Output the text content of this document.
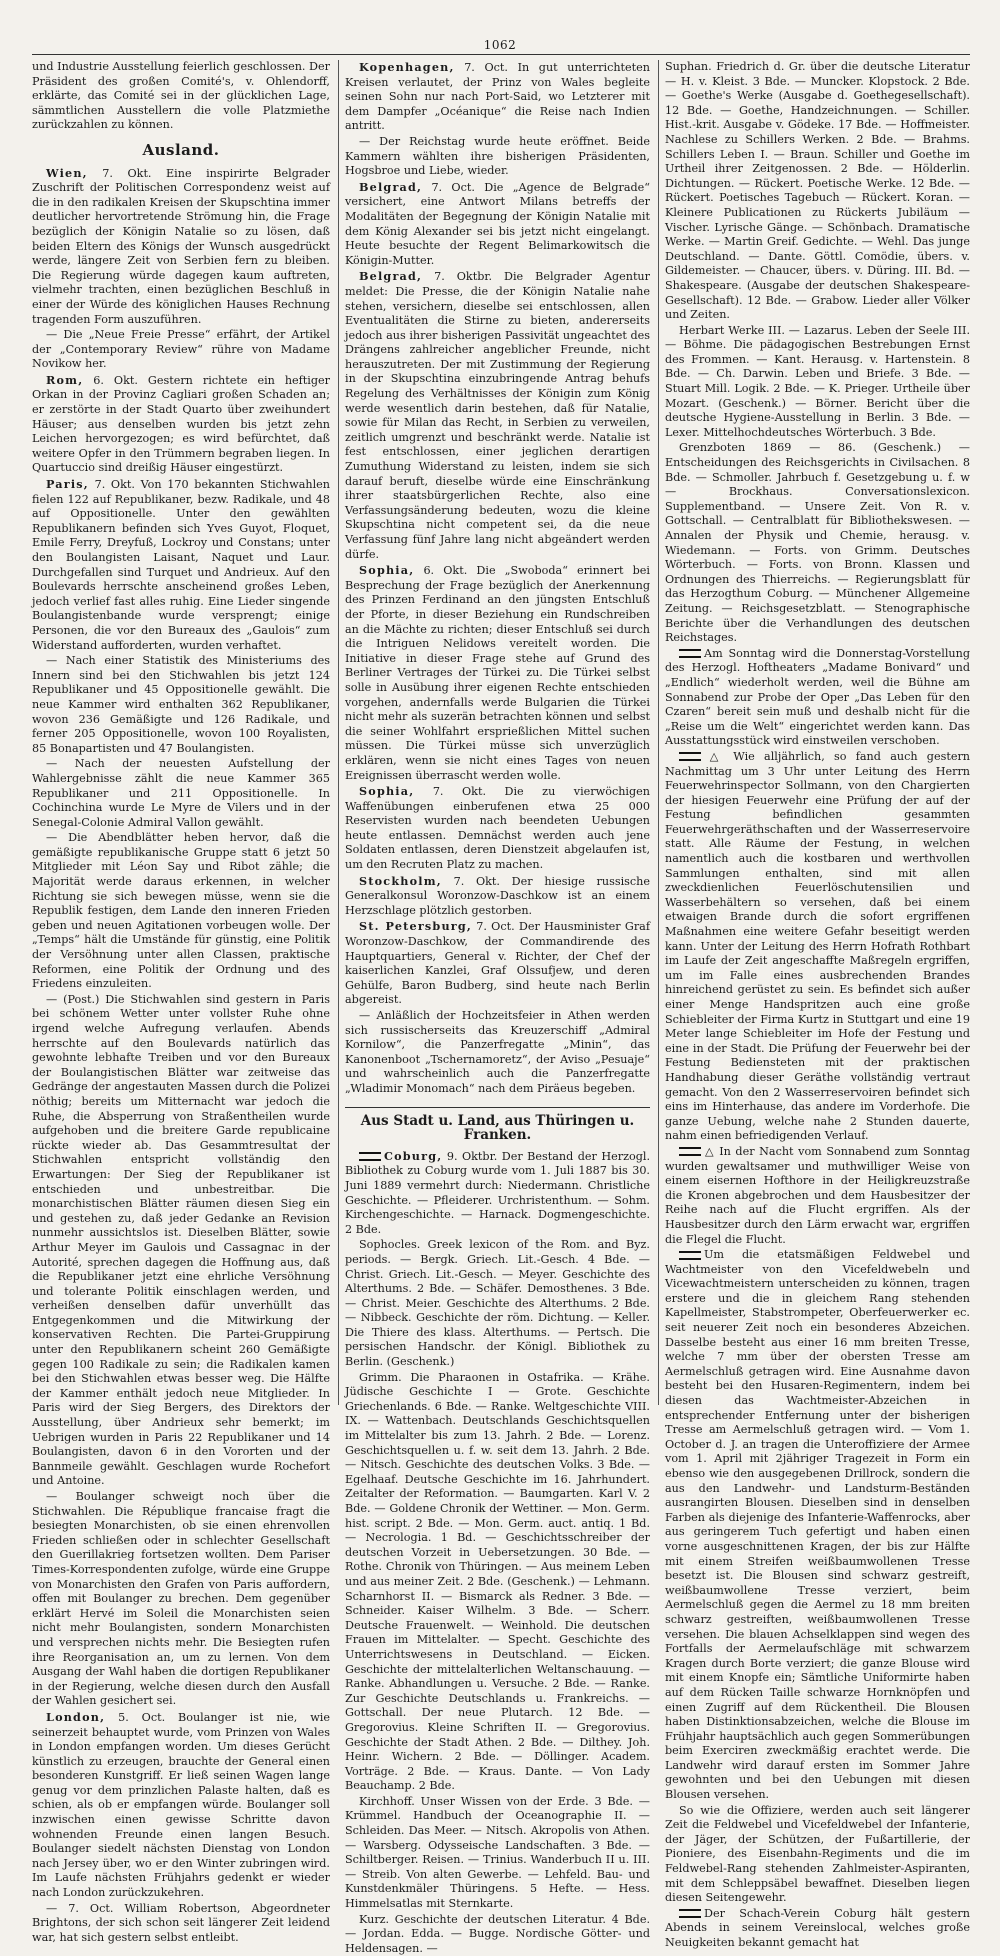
1062

und Industrie Ausstellung feierlich geschlossen. Der Präsident des großen Comité's, v. Ohlendorff, erklärte, das Comité sei in der glücklichen Lage, sämmtlichen Ausstellern die volle Platzmiethe zurückzahlen zu können.

Ausland.

Wien, 7. Okt. Eine inspirirte Belgrader Zuschrift der Politischen Correspondenz weist auf die in den radikalen Kreisen der Skupschtina immer deutlicher hervortretende Strömung hin, die Frage bezüglich der Königin Natalie so zu lösen, daß beiden Eltern des Königs der Wunsch ausgedrückt werde, längere Zeit von Serbien fern zu bleiben. Die Regierung würde dagegen kaum auftreten, vielmehr trachten, einen bezüglichen Beschluß in einer der Würde des königlichen Hauses Rechnung tragenden Form auszuführen.

— Die „Neue Freie Presse“ erfährt, der Artikel der „Contemporary Review“ rühre von Madame Novikow her.

Rom, 6. Okt. Gestern richtete ein heftiger Orkan in der Provinz Cagliari großen Schaden an; er zerstörte in der Stadt Quarto über zweihundert Häuser; aus denselben wurden bis jetzt zehn Leichen hervorgezogen; es wird befürchtet, daß weitere Opfer in den Trümmern begraben liegen. In Quartuccio sind dreißig Häuser eingestürzt.

Paris, 7. Okt. Von 170 bekannten Stichwahlen fielen 122 auf Republikaner, bezw. Radikale, und 48 auf Oppositionelle. Unter den gewählten Republikanern befinden sich Yves Guyot, Floquet, Emile Ferry, Dreyfuß, Lockroy und Constans; unter den Boulangisten Laisant, Naquet und Laur. Durchgefallen sind Turquet und Andrieux. Auf den Boulevards herrschte anscheinend großes Leben, jedoch verlief fast alles ruhig. Eine Lieder singende Boulangistenbande wurde versprengt; einige Personen, die vor den Bureaux des „Gaulois“ zum Widerstand aufforderten, wurden verhaftet.

— Nach einer Statistik des Ministeriums des Innern sind bei den Stichwahlen bis jetzt 124 Republikaner und 45 Oppositionelle gewählt. Die neue Kammer wird enthalten 362 Republikaner, wovon 236 Gemäßigte und 126 Radikale, und ferner 205 Oppositionelle, wovon 100 Royalisten, 85 Bonapartisten und 47 Boulangisten.

— Nach der neuesten Aufstellung der Wahlergebnisse zählt die neue Kammer 365 Republikaner und 211 Oppositionelle. In Cochinchina wurde Le Myre de Vilers und in der Senegal-Colonie Admiral Vallon gewählt.

— Die Abendblätter heben hervor, daß die gemäßigte republikanische Gruppe statt 6 jetzt 50 Mitglieder mit Léon Say und Ribot zähle; die Majorität werde daraus erkennen, in welcher Richtung sie sich bewegen müsse, wenn sie die Republik festigen, dem Lande den inneren Frieden geben und neuen Agitationen vorbeugen wolle. Der „Temps“ hält die Umstände für günstig, eine Politik der Versöhnung unter allen Classen, praktische Reformen, eine Politik der Ordnung und des Friedens einzuleiten.

— (Post.) Die Stichwahlen sind gestern in Paris bei schönem Wetter unter vollster Ruhe ohne irgend welche Aufregung verlaufen. Abends herrschte auf den Boulevards natürlich das gewohnte lebhafte Treiben und vor den Bureaux der Boulangistischen Blätter war zeitweise das Gedränge der angestauten Massen durch die Polizei nöthig; bereits um Mitternacht war jedoch die Ruhe, die Absperrung von Straßentheilen wurde aufgehoben und die breitere Garde republicaine rückte wieder ab. Das Gesammtresultat der Stichwahlen entspricht vollständig den Erwartungen: Der Sieg der Republikaner ist entschieden und unbestreitbar. Die monarchistischen Blätter räumen diesen Sieg ein und gestehen zu, daß jeder Gedanke an Revision nunmehr aussichtslos ist. Dieselben Blätter, sowie Arthur Meyer im Gaulois und Cassagnac in der Autorité, sprechen dagegen die Hoffnung aus, daß die Republikaner jetzt eine ehrliche Versöhnung und tolerante Politik einschlagen werden, und verheißen denselben dafür unverhüllt das Entgegenkommen und die Mitwirkung der konservativen Rechten. Die Partei-Gruppirung unter den Republikanern scheint 260 Gemäßigte gegen 100 Radikale zu sein; die Radikalen kamen bei den Stichwahlen etwas besser weg. Die Hälfte der Kammer enthält jedoch neue Mitglieder. In Paris wird der Sieg Bergers, des Direktors der Ausstellung, über Andrieux sehr bemerkt; im Uebrigen wurden in Paris 22 Republikaner und 14 Boulangisten, davon 6 in den Vororten und der Bannmeile gewählt. Geschlagen wurde Rochefort und Antoine.

— Boulanger schweigt noch über die Stichwahlen. Die République francaise fragt die besiegten Monarchisten, ob sie einen ehrenvollen Frieden schließen oder in schlechter Gesellschaft den Guerillakrieg fortsetzen wollten. Dem Pariser Times-Korrespondenten zufolge, würde eine Gruppe von Monarchisten den Grafen von Paris auffordern, offen mit Boulanger zu brechen. Dem gegenüber erklärt Hervé im Soleil die Monarchisten seien nicht mehr Boulangisten, sondern Monarchisten und versprechen nichts mehr. Die Besiegten rufen ihre Reorganisation an, um zu lernen. Von dem Ausgang der Wahl haben die dortigen Republikaner in der Regierung, welche diesen durch den Ausfall der Wahlen gesichert sei.

London, 5. Oct. Boulanger ist nie, wie seinerzeit behauptet wurde, vom Prinzen von Wales in London empfangen worden. Um dieses Gerücht künstlich zu erzeugen, brauchte der General einen besonderen Kunstgriff. Er ließ seinen Wagen lange genug vor dem prinzlichen Palaste halten, daß es schien, als ob er empfangen würde. Boulanger soll inzwischen einen gewisse Schritte davon wohnenden Freunde einen langen Besuch. Boulanger siedelt nächsten Dienstag von London nach Jersey über, wo er den Winter zubringen wird. Im Laufe nächsten Frühjahrs gedenkt er wieder nach London zurückzukehren.

— 7. Oct. William Robertson, Abgeordneter Brightons, der sich schon seit längerer Zeit leidend war, hat sich gestern selbst entleibt.

Kopenhagen, 7. Oct. In gut unterrichteten Kreisen verlautet, der Prinz von Wales begleite seinen Sohn nur nach Port-Said, wo Letzterer mit dem Dampfer „Océanique“ die Reise nach Indien antritt.

— Der Reichstag wurde heute eröffnet. Beide Kammern wählten ihre bisherigen Präsidenten, Hogsbroe und Liebe, wieder.

Belgrad, 7. Oct. Die „Agence de Belgrade“ versichert, eine Antwort Milans betreffs der Modalitäten der Begegnung der Königin Natalie mit dem König Alexander sei bis jetzt nicht eingelangt. Heute besuchte der Regent Belimarkowitsch die Königin-Mutter.

Belgrad, 7. Oktbr. Die Belgrader Agentur meldet: Die Presse, die der Königin Natalie nahe stehen, versichern, dieselbe sei entschlossen, allen Eventualitäten die Stirne zu bieten, andererseits jedoch aus ihrer bisherigen Passivität ungeachtet des Drängens zahlreicher angeblicher Freunde, nicht herauszutreten. Der mit Zustimmung der Regierung in der Skupschtina einzubringende Antrag behufs Regelung des Verhältnisses der Königin zum König werde wesentlich darin bestehen, daß für Natalie, sowie für Milan das Recht, in Serbien zu verweilen, zeitlich umgrenzt und beschränkt werde. Natalie ist fest entschlossen, einer jeglichen derartigen Zumuthung Widerstand zu leisten, indem sie sich darauf beruft, dieselbe würde eine Einschränkung ihrer staatsbürgerlichen Rechte, also eine Verfassungsänderung bedeuten, wozu die kleine Skupschtina nicht competent sei, da die neue Verfassung fünf Jahre lang nicht abgeändert werden dürfe.

Sophia, 6. Okt. Die „Swoboda“ erinnert bei Besprechung der Frage bezüglich der Anerkennung des Prinzen Ferdinand an den jüngsten Entschluß der Pforte, in dieser Beziehung ein Rundschreiben an die Mächte zu richten; dieser Entschluß sei durch die Intriguen Nelidows vereitelt worden. Die Initiative in dieser Frage stehe auf Grund des Berliner Vertrages der Türkei zu. Die Türkei selbst solle in Ausübung ihrer eigenen Rechte entschieden vorgehen, andernfalls werde Bulgarien die Türkei nicht mehr als suzerän betrachten können und selbst die seiner Wohlfahrt ersprießlichen Mittel suchen müssen. Die Türkei müsse sich unverzüglich erklären, wenn sie nicht eines Tages von neuen Ereignissen überrascht werden wolle.

Sophia, 7. Okt. Die zu vierwöchigen Waffenübungen einberufenen etwa 25 000 Reservisten wurden nach beendeten Uebungen heute entlassen. Demnächst werden auch jene Soldaten entlassen, deren Dienstzeit abgelaufen ist, um den Recruten Platz zu machen.

Stockholm, 7. Okt. Der hiesige russische Generalkonsul Woronzow-Daschkow ist an einem Herzschlage plötzlich gestorben.

St. Petersburg, 7. Oct. Der Hausminister Graf Woronzow-Daschkow, der Commandirende des Hauptquartiers, General v. Richter, der Chef der kaiserlichen Kanzlei, Graf Olssufjew, und deren Gehülfe, Baron Budberg, sind heute nach Berlin abgereist.

— Anläßlich der Hochzeitsfeier in Athen werden sich russischerseits das Kreuzerschiff „Admiral Kornilow“, die Panzerfregatte „Minin“, das Kanonenboot „Tschernamoretz“, der Aviso „Pesuaje“ und wahrscheinlich auch die Panzerfregatte „Wladimir Monomach“ nach dem Piräeus begeben.

Aus Stadt u. Land, aus Thüringen u. Franken.

Coburg, 9. Oktbr. Der Bestand der Herzogl. Bibliothek zu Coburg wurde vom 1. Juli 1887 bis 30. Juni 1889 vermehrt durch: Niedermann. Christliche Geschichte. — Pfleiderer. Urchristenthum. — Sohm. Kirchengeschichte. — Harnack. Dogmengeschichte. 2 Bde.

Sophocles. Greek lexicon of the Rom. and Byz. periods. — Bergk. Griech. Lit.-Gesch. 4 Bde. — Christ. Griech. Lit.-Gesch. — Meyer. Geschichte des Alterthums. 2 Bde. — Schäfer. Demosthenes. 3 Bde. — Christ. Meier. Geschichte des Alterthums. 2 Bde. — Nibbeck. Geschichte der röm. Dichtung. — Keller. Die Thiere des klass. Alterthums. — Pertsch. Die persischen Handschr. der Königl. Bibliothek zu Berlin. (Geschenk.)

Grimm. Die Pharaonen in Ostafrika. — Krähe. Jüdische Geschichte I — Grote. Geschichte Griechenlands. 6 Bde. — Ranke. Weltgeschichte VIII. IX. — Wattenbach. Deutschlands Geschichtsquellen im Mittelalter bis zum 13. Jahrh. 2 Bde. — Lorenz. Geschichtsquellen u. f. w. seit dem 13. Jahrh. 2 Bde. — Nitsch. Geschichte des deutschen Volks. 3 Bde. — Egelhaaf. Deutsche Geschichte im 16. Jahrhundert. Zeitalter der Reformation. — Baumgarten. Karl V. 2 Bde. — Goldene Chronik der Wettiner. — Mon. Germ. hist. script. 2 Bde. — Mon. Germ. auct. antiq. 1 Bd. — Necrologia. 1 Bd. — Geschichtsschreiber der deutschen Vorzeit in Uebersetzungen. 30 Bde. — Rothe. Chronik von Thüringen. — Aus meinem Leben und aus meiner Zeit. 2 Bde. (Geschenk.) — Lehmann. Scharnhorst II. — Bismarck als Redner. 3 Bde. — Schneider. Kaiser Wilhelm. 3 Bde. — Scherr. Deutsche Frauenwelt. — Weinhold. Die deutschen Frauen im Mittelalter. — Specht. Geschichte des Unterrichtswesens in Deutschland. — Eicken. Geschichte der mittelalterlichen Weltanschauung. — Ranke. Abhandlungen u. Versuche. 2 Bde. — Ranke. Zur Geschichte Deutschlands u. Frankreichs. — Gottschall. Der neue Plutarch. 12 Bde. — Gregorovius. Kleine Schriften II. — Gregorovius. Geschichte der Stadt Athen. 2 Bde. — Dilthey. Joh. Heinr. Wichern. 2 Bde. — Döllinger. Academ. Vorträge. 2 Bde. — Kraus. Dante. — Von Lady Beauchamp. 2 Bde.

Kirchhoff. Unser Wissen von der Erde. 3 Bde. — Krümmel. Handbuch der Oceanographie II. — Schleiden. Das Meer. — Nitsch. Akropolis von Athen. — Warsberg. Odysseische Landschaften. 3 Bde. — Schiltberger. Reisen. — Trinius. Wanderbuch II u. III. — Streib. Von alten Gewerbe. — Lehfeld. Bau- und Kunstdenkmäler Thüringens. 5 Hefte. — Hess. Himmelsatlas mit Sternkarte.

Kurz. Geschichte der deutschen Literatur. 4 Bde. — Jordan. Edda. — Bugge. Nordische Götter- und Heldensagen. —

Suphan. Friedrich d. Gr. über die deutsche Literatur — H. v. Kleist. 3 Bde. — Muncker. Klopstock. 2 Bde. — Goethe's Werke (Ausgabe d. Goethegesellschaft). 12 Bde. — Goethe, Handzeichnungen. — Schiller. Hist.-krit. Ausgabe v. Gödeke. 17 Bde. — Hoffmeister. Nachlese zu Schillers Werken. 2 Bde. — Brahms. Schillers Leben I. — Braun. Schiller und Goethe im Urtheil ihrer Zeitgenossen. 2 Bde. — Hölderlin. Dichtungen. — Rückert. Poetische Werke. 12 Bde. — Rückert. Poetisches Tagebuch — Rückert. Koran. — Kleinere Publicationen zu Rückerts Jubiläum — Vischer. Lyrische Gänge. — Schönbach. Dramatische Werke. — Martin Greif. Gedichte. — Wehl. Das junge Deutschland. — Dante. Göttl. Comödie, übers. v. Gildemeister. — Chaucer, übers. v. Düring. III. Bd. — Shakespeare. (Ausgabe der deutschen Shakespeare-Gesellschaft). 12 Bde. — Grabow. Lieder aller Völker und Zeiten.

Herbart Werke III. — Lazarus. Leben der Seele III. — Böhme. Die pädagogischen Bestrebungen Ernst des Frommen. — Kant. Herausg. v. Hartenstein. 8 Bde. — Ch. Darwin. Leben und Briefe. 3 Bde. — Stuart Mill. Logik. 2 Bde. — K. Prieger. Urtheile über Mozart. (Geschenk.) — Börner. Bericht über die deutsche Hygiene-Ausstellung in Berlin. 3 Bde. — Lexer. Mittelhochdeutsches Wörterbuch. 3 Bde.

Grenzboten 1869 — 86. (Geschenk.) — Entscheidungen des Reichsgerichts in Civilsachen. 8 Bde. — Schmoller. Jahrbuch f. Gesetzgebung u. f. w — Brockhaus. Conversationslexicon. Supplementband. — Unsere Zeit. Von R. v. Gottschall. — Centralblatt für Bibliothekswesen. — Annalen der Physik und Chemie, herausg. v. Wiedemann. — Forts. von Grimm. Deutsches Wörterbuch. — Forts. von Bronn. Klassen und Ordnungen des Thierreichs. — Regierungsblatt für das Herzogthum Coburg. — Münchener Allgemeine Zeitung. — Reichsgesetzblatt. — Stenographische Berichte über die Verhandlungen des deutschen Reichstages.

Am Sonntag wird die Donnerstag-Vorstellung des Herzogl. Hoftheaters „Madame Bonivard“ und „Endlich“ wiederholt werden, weil die Bühne am Sonnabend zur Probe der Oper „Das Leben für den Czaren“ bereit sein muß und deshalb nicht für die „Reise um die Welt“ eingerichtet werden kann. Das Ausstattungsstück wird einstweilen verschoben.

△ Wie alljährlich, so fand auch gestern Nachmittag um 3 Uhr unter Leitung des Herrn Feuerwehrinspector Sollmann, von den Chargierten der hiesigen Feuerwehr eine Prüfung der auf der Festung befindlichen gesammten Feuerwehrgeräthschaften und der Wasserreservoire statt. Alle Räume der Festung, in welchen namentlich auch die kostbaren und werthvollen Sammlungen enthalten, sind mit allen zweckdienlichen Feuerlöschutensilien und Wasserbehältern so versehen, daß bei einem etwaigen Brande durch die sofort ergriffenen Maßnahmen eine weitere Gefahr beseitigt werden kann. Unter der Leitung des Herrn Hofrath Rothbart im Laufe der Zeit angeschaffte Maßregeln ergriffen, um im Falle eines ausbrechenden Brandes hinreichend gerüstet zu sein. Es befindet sich außer einer Menge Handspritzen auch eine große Schiebleiter der Firma Kurtz in Stuttgart und eine 19 Meter lange Schiebleiter im Hofe der Festung und eine in der Stadt. Die Prüfung der Feuerwehr bei der Festung Bediensteten mit der praktischen Handhabung dieser Geräthe vollständig vertraut gemacht. Von den 2 Wasserreservoiren befindet sich eins im Hinterhause, das andere im Vorderhofe. Die ganze Uebung, welche nahe 2 Stunden dauerte, nahm einen befriedigenden Verlauf.

△ In der Nacht vom Sonnabend zum Sonntag wurden gewaltsamer und muthwilliger Weise von einem eisernen Hofthore in der Heiligkreuzstraße die Kronen abgebrochen und dem Hausbesitzer der Reihe nach auf die Flucht ergriffen. Als der Hausbesitzer durch den Lärm erwacht war, ergriffen die Flegel die Flucht.

Um die etatsmäßigen Feldwebel und Wachtmeister von den Vicefeldwebeln und Vicewachtmeistern unterscheiden zu können, tragen erstere und die in gleichem Rang stehenden Kapellmeister, Stabstrompeter, Oberfeuerwerker ec. seit neuerer Zeit noch ein besonderes Abzeichen. Dasselbe besteht aus einer 16 mm breiten Tresse, welche 7 mm über der obersten Tresse am Aermelschluß getragen wird. Eine Ausnahme davon besteht bei den Husaren-Regimentern, indem bei diesen das Wachtmeister-Abzeichen in entsprechender Entfernung unter der bisherigen Tresse am Aermelschluß getragen wird. — Vom 1. October d. J. an tragen die Unteroffiziere der Armee vom 1. April mit 2jähriger Tragezeit in Form ein ebenso wie den ausgegebenen Drillrock, sondern die aus den Landwehr- und Landsturm-Beständen ausrangirten Blousen. Dieselben sind in denselben Farben als diejenige des Infanterie-Waffenrocks, aber aus geringerem Tuch gefertigt und haben einen vorne ausgeschnittenen Kragen, der bis zur Hälfte mit einem Streifen weißbaumwollenen Tresse besetzt ist. Die Blousen sind schwarz gestreift, weißbaumwollene Tresse verziert, beim Aermelschluß gegen die Aermel zu 18 mm breiten schwarz gestreiften, weißbaumwollenen Tresse versehen. Die blauen Achselklappen sind wegen des Fortfalls der Aermelaufschläge mit schwarzem Kragen durch Borte verziert; die ganze Blouse wird mit einem Knopfe ein; Sämtliche Uniformirte haben auf dem Rücken Taille schwarze Hornknöpfen und einen Zugriff auf dem Rückentheil. Die Blousen haben Distinktionsabzeichen, welche die Blouse im Frühjahr hauptsächlich auch gegen Sommerübungen beim Exerciren zweckmäßig erachtet werde. Die Landwehr wird darauf ersten im Sommer Jahre gewohnten und bei den Uebungen mit diesen Blousen versehen.

So wie die Offiziere, werden auch seit längerer Zeit die Feldwebel und Vicefeldwebel der Infanterie, der Jäger, der Schützen, der Fußartillerie, der Pioniere, des Eisenbahn-Regiments und die im Feldwebel-Rang stehenden Zahlmeister-Aspiranten, mit dem Schleppsäbel bewaffnet. Dieselben liegen diesen Seitengewehr.

Der Schach-Verein Coburg hält gestern Abends in seinem Vereinslocal, welches große Neuigkeiten bekannt gemacht hat
